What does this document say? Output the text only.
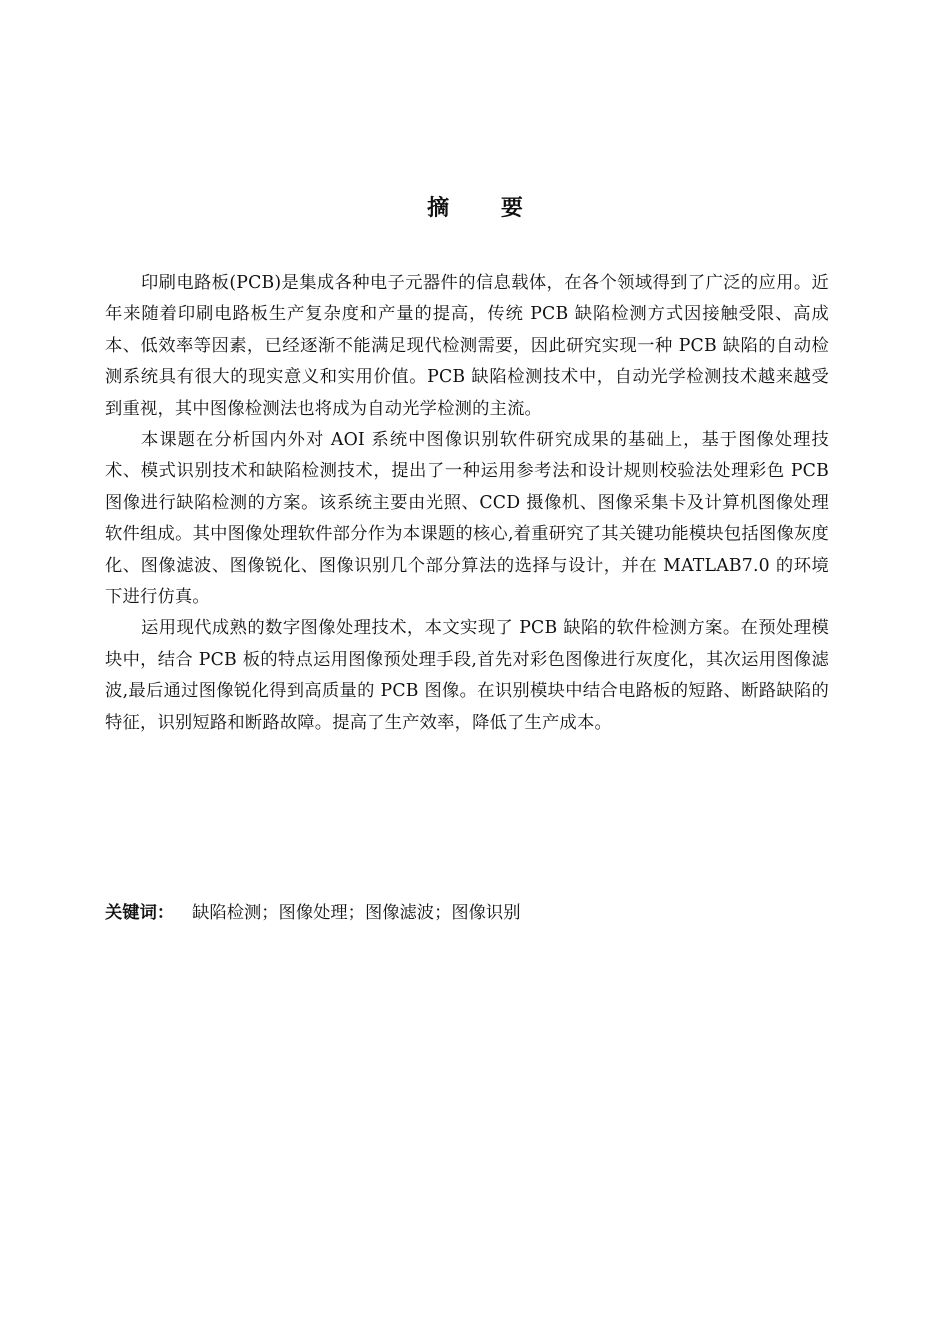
摘 要

印刷电路板(PCB)是集成各种电子元器件的信息载体，在各个领域得到了广泛的应用。近年来随着印刷电路板生产复杂度和产量的提高，传统 PCB 缺陷检测方式因接触受限、高成本、低效率等因素，已经逐渐不能满足现代检测需要，因此研究实现一种 PCB 缺陷的自动检测系统具有很大的现实意义和实用价值。PCB 缺陷检测技术中，自动光学检测技术越来越受到重视，其中图像检测法也将成为自动光学检测的主流。

本课题在分析国内外对 AOI 系统中图像识别软件研究成果的基础上，基于图像处理技术、模式识别技术和缺陷检测技术，提出了一种运用参考法和设计规则校验法处理彩色 PCB 图像进行缺陷检测的方案。该系统主要由光照、CCD 摄像机、图像采集卡及计算机图像处理软件组成。其中图像处理软件部分作为本课题的核心,着重研究了其关键功能模块包括图像灰度化、图像滤波、图像锐化、图像识别几个部分算法的选择与设计，并在 MATLAB7.0 的环境下进行仿真。

运用现代成熟的数字图像处理技术，本文实现了 PCB 缺陷的软件检测方案。在预处理模块中，结合 PCB 板的特点运用图像预处理手段,首先对彩色图像进行灰度化，其次运用图像滤波,最后通过图像锐化得到高质量的 PCB 图像。在识别模块中结合电路板的短路、断路缺陷的特征，识别短路和断路故障。提高了生产效率，降低了生产成本。

关键词： 缺陷检测；图像处理；图像滤波；图像识别
